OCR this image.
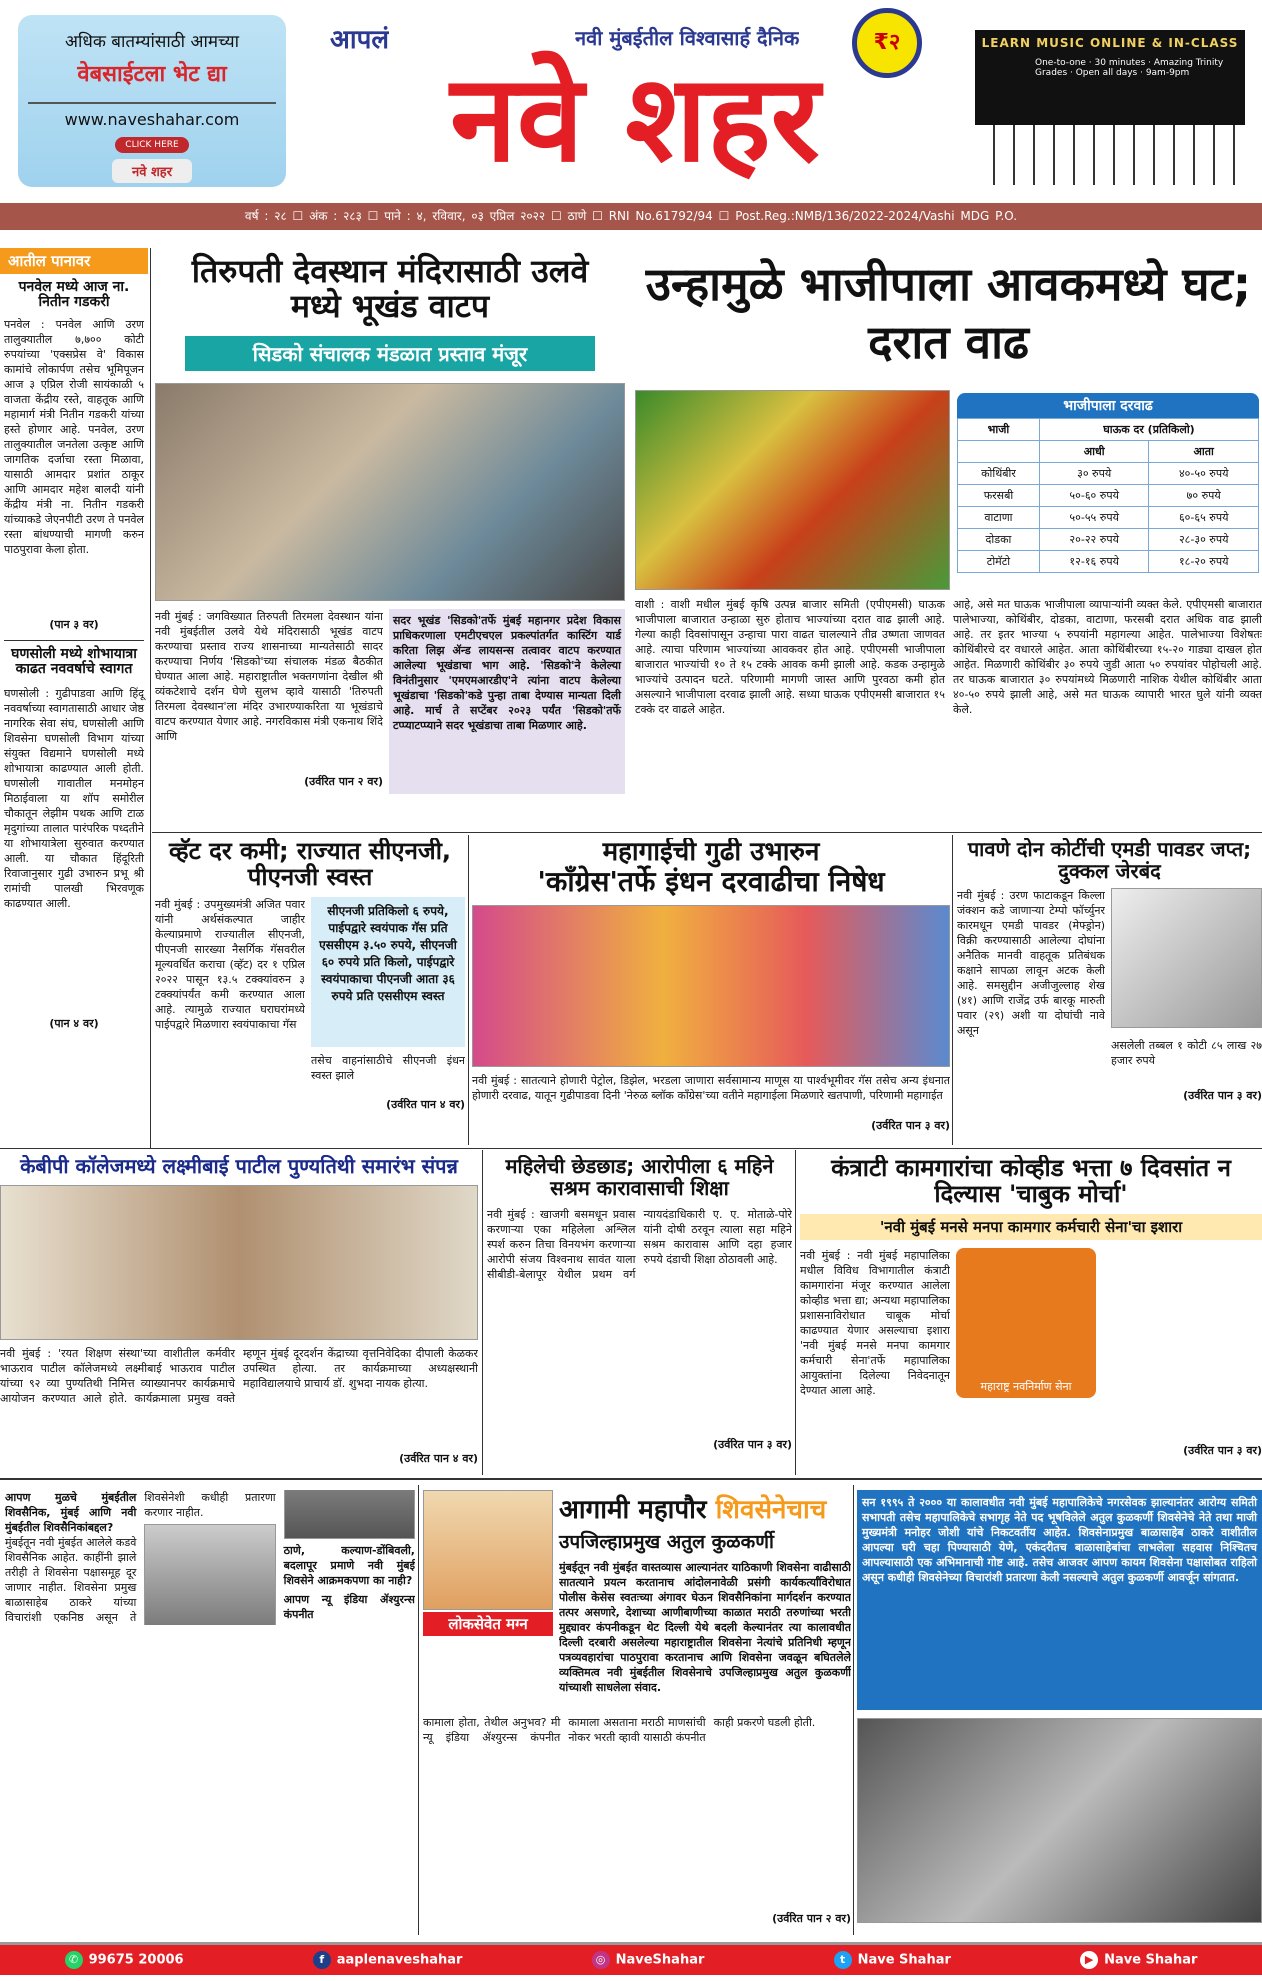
अधिक बातम्यांसाठी आमच्या
वेबसाईटला भेट द्या
www.naveshahar.com
CLICK HERE
नवे शहर
आपलं	नवी मुंबईतील विश्वासार्ह दैनिक	₹२
नवे शहर
LEARN MUSIC ONLINE & IN-CLASS
One-to-one · 30 minutes · Amazing Trinity Grades · Open all days · 9am-9pm
वर्ष : २८ ☐ अंक : २८३ ☐ पाने : ४, रविवार, ०३ एप्रिल २०२२ ☐ ठाणे ☐ RNI No.61792/94 ☐ Post.Reg.:NMB/136/2022-2024/Vashi MDG P.O.
आतील पानावर
पनवेल मध्ये आज ना. नितीन गडकरी
पनवेल : पनवेल आणि उरण तालुक्यातील ७,७०० कोटी रुपयांच्या 'एक्सप्रेस वे' विकास कामांचे लोकार्पण तसेच भूमिपूजन आज ३ एप्रिल रोजी सायंकाळी ५ वाजता केंद्रीय रस्ते, वाहतूक आणि महामार्ग मंत्री नितीन गडकरी यांच्या हस्ते होणार आहे. पनवेल, उरण तालुक्यातील जनतेला उत्कृष्ट आणि जागतिक दर्जाचा रस्ता मिळावा, यासाठी आमदार प्रशांत ठाकूर आणि आमदार महेश बालदी यांनी केंद्रीय मंत्री ना. नितीन गडकरी यांच्याकडे जेएनपीटी उरण ते पनवेल रस्ता बांधण्याची मागणी करुन पाठपुरावा केला होता.
(पान ३ वर)
घणसोली मध्ये शोभायात्रा काढत नववर्षाचे स्वागत
घणसोली : गुढीपाडवा आणि हिंदू नववर्षाच्या स्वागतासाठी आधार जेष्ठ नागरिक सेवा संघ, घणसोली आणि शिवसेना घणसोली विभाग यांच्या संयुक्त विद्यमाने घणसोली मध्ये शोभायात्रा काढण्यात आली होती. घणसोली गावातील मनमोहन मिठाईवाला या शॉप समोरील चौकातून लेझीम पथक आणि टाळ मृदुगांच्या तालात पारंपरिक पध्दतीने या शोभायात्रेला सुरुवात करण्यात आली. या चौकात हिंदूरिती रिवाजानुसार गुढी उभारुन प्रभू श्री रामांची पालखी भिरवणूक काढण्यात आली.
(पान ४ वर)
तिरुपती देवस्थान मंदिरासाठी उलवे मध्ये भूखंड वाटप
सिडको संचालक मंडळात प्रस्ताव मंजूर
नवी मुंबई : जगविख्यात तिरुपती तिरमला देवस्थान यांना नवी मुंबईतील उलवे येथे मंदिरासाठी भूखंड वाटप करण्याचा प्रस्ताव राज्य शासनाच्या मान्यतेसाठी सादर करण्याचा निर्णय 'सिडको'च्या संचालक मंडळ बैठकीत घेण्यात आला आहे. महाराष्ट्रातील भक्तगणांना देखील श्री व्यंकटेशाचे दर्शन घेणे सुलभ व्हावे यासाठी 'तिरुपती तिरमला देवस्थान'ला मंदिर उभारण्याकरिता या भूखंडाचे वाटप करण्यात येणार आहे. नगरविकास मंत्री एकनाथ शिंदे आणि
(उर्वरित पान २ वर)
सदर भूखंड 'सिडको'तर्फे मुंबई महानगर प्रदेश विकास प्राधिकरणाला एमटीएचएल प्रकल्पांतर्गत कास्टिंग यार्ड करिता लिझ ॲन्ड लायसन्स तत्वावर वाटप करण्यात आलेल्या भूखंडाचा भाग आहे. 'सिडको'ने केलेल्या विनंतीनुसार 'एमएमआरडीए'ने त्यांना वाटप केलेल्या भूखंडाचा 'सिडको'कडे पुन्हा ताबा देण्यास मान्यता दिली आहे. मार्च ते सप्टेंबर २०२३ पर्यंत 'सिडको'तर्फे टप्प्याटप्प्याने सदर भूखंडाचा ताबा मिळणार आहे.
उन्हामुळे भाजीपाला आवकमध्ये घट; दरात वाढ
भाजीपाला दरवाढ
भाजी	घाऊक दर (प्रतिकिलो)	
	आधी	आता
कोथिंबीर	३० रुपये	४०-५० रुपये
फरसबी	५०-६० रुपये	७० रुपये
वाटाणा	५०-५५ रुपये	६०-६५ रुपये
दोडका	२०-२२ रुपये	२८-३० रुपये
टोमॅटो	१२-१६ रुपये	१८-२० रुपये
वाशी : वाशी मधील मुंबई कृषि उत्पन्न बाजार समिती (एपीएमसी) घाऊक भाजीपाला बाजारात उन्हाळा सुरु होताच भाज्यांच्या दरात वाढ झाली आहे. गेल्या काही दिवसांपासून उन्हाचा पारा वाढत चालल्याने तीव्र उष्णता जाणवत आहे. त्याचा परिणाम भाज्यांच्या आवकवर होत आहे. एपीएमसी भाजीपाला बाजारात भाज्यांची १० ते १५ टक्के आवक कमी झाली आहे. कडक उन्हामुळे भाज्यांचे उत्पादन घटते. परिणामी मागणी जास्त आणि पुरवठा कमी होत असल्याने भाजीपाला दरवाढ झाली आहे. सध्या घाऊक एपीएमसी बाजारात १५ टक्के दर वाढले आहेत.
आहे, असे मत घाऊक भाजीपाला व्यापाऱ्यांनी व्यक्त केले. एपीएमसी बाजारात पालेभाज्या, कोथिंबीर, दोडका, वाटाणा, फरसबी दरात अधिक वाढ झाली आहे. तर इतर भाज्या ५ रुपयांनी महागल्या आहेत. पालेभाज्या विशेषतः कोथिंबीरचे दर वधारले आहेत. आता कोथिंबीरच्या १५-२० गाड्या दाखल होत आहेत. मिळणारी कोथिंबीर ३० रुपये जुडी आता ५० रुपयांवर पोहोचली आहे. तर घाऊक बाजारात ३० रुपयांमध्ये मिळणारी नाशिक येथील कोथिंबीर आता ४०-५० रुपये झाली आहे, असे मत घाऊक व्यापारी भारत घुले यांनी व्यक्त केले.
व्हॅट दर कमी; राज्यात सीएनजी, पीएनजी स्वस्त
नवी मुंबई : उपमुख्यमंत्री अजित पवार यांनी अर्थसंकल्पात जाहीर केल्याप्रमाणे राज्यातील सीएनजी, पीएनजी सारख्या नैसर्गिक गॅसवरील मूल्यवर्धित कराचा (व्हॅट) दर १ एप्रिल २०२२ पासून १३.५ टक्क्यांवरुन ३ टक्क्यांपर्यंत कमी करण्यात आला आहे. त्यामुळे राज्यात घराघरांमध्ये पाईपद्वारे मिळणारा स्वयंपाकाचा गॅस
सीएनजी प्रतिकिलो ६ रुपये, पाईपद्वारे स्वयंपाक गॅस प्रति एससीएम ३.५० रुपये, सीएनजी ६० रुपये प्रति किलो, पाईपद्वारे स्वयंपाकाचा पीएनजी आता ३६ रुपये प्रति एससीएम स्वस्त
तसेच वाहनांसाठीचे सीएनजी इंधन स्वस्त झाले
(उर्वरित पान ४ वर)
महागाईची गुढी उभारुन
'काँग्रेस'तर्फे इंधन दरवाढीचा निषेध
नवी मुंबई : सातत्याने होणारी पेट्रोल, डिझेल, भरडला जाणारा सर्वसामान्य माणूस या पार्श्वभूमीवर गॅस तसेच अन्य इंधनात होणारी दरवाढ, यातून गुढीपाडवा दिनी 'नेरुळ ब्लॉक कॉंग्रेस'च्या वतीने महागाईला मिळणारे खतपाणी, परिणामी महागाईत
(उर्वरित पान ३ वर)
पावणे दोन कोटींची एमडी पावडर जप्त; दुक्कल जेरबंद
नवी मुंबई : उरण फाटाकडून किल्ला जंक्शन कडे जाणाऱ्या टेम्पो फॉर्च्युनर कारमधून एमडी पावडर (मेफ्ड्रोन) विक्री करण्यासाठी आलेल्या दोघांना अनैतिक मानवी वाहतूक प्रतिबंधक कक्षाने सापळा लावून अटक केली आहे. समसुद्दीन अजीजुल्लाह शेख (४१) आणि राजेंद्र उर्फ बारकू मारुती पवार (२९) अशी या दोघांची नावे असून
असलेली तब्बल १ कोटी ८५ लाख २७ हजार रुपये
(उर्वरित पान ३ वर)
केबीपी कॉलेजमध्ये लक्ष्मीबाई पाटील पुण्यतिथी समारंभ संपन्न
नवी मुंबई : 'रयत शिक्षण संस्था'च्या वाशीतील कर्मवीर भाऊराव पाटील कॉलेजमध्ये लक्ष्मीबाई भाऊराव पाटील यांच्या ९२ व्या पुण्यतिथी निमित्त व्याख्यानपर कार्यक्रमाचे आयोजन करण्यात आले होते. कार्यक्रमाला प्रमुख वक्ते म्हणून मुंबई दूरदर्शन केंद्राच्या वृत्तनिवेदिका दीपाली केळकर उपस्थित होत्या. तर कार्यक्रमाच्या अध्यक्षस्थानी महाविद्यालयाचे प्राचार्य डॉ. शुभदा नायक होत्या.
(उर्वरित पान ४ वर)
महिलेची छेडछाड; आरोपीला ६ महिने सश्रम कारावासाची शिक्षा
नवी मुंबई : खाजगी बसमधून प्रवास करणाऱ्या एका महिलेला अश्लिल स्पर्श करुन तिचा विनयभंग करणाऱ्या आरोपी संजय विश्वनाथ सावंत याला सीबीडी-बेलापूर येथील प्रथम वर्ग न्यायदंडाधिकारी ए. ए. मोताळे-पोरे यांनी दोषी ठरवून त्याला सहा महिने सश्रम कारावास आणि दहा हजार रुपये दंडाची शिक्षा ठोठावली आहे.
(उर्वरित पान ३ वर)
कंत्राटी कामगारांचा कोव्हीड भत्ता ७ दिवसांत न दिल्यास 'चाबुक मोर्चा'
'नवी मुंबई मनसे मनपा कामगार कर्मचारी सेना'चा इशारा
नवी मुंबई : नवी मुंबई महापालिका मधील विविध विभागातील कंत्राटी कामगारांना मंजूर करण्यात आलेला कोव्हीड भत्ता द्या; अन्यथा महापालिका प्रशासनाविरोधात चाबूक मोर्चा काढण्यात येणार असल्याचा इशारा 'नवी मुंबई मनसे मनपा कामगार कर्मचारी सेना'तर्फे महापालिका आयुक्तांना दिलेल्या निवेदनातून देण्यात आला आहे.	महाराष्ट्र नवनिर्माण सेना
(उर्वरित पान ३ वर)
आपण मुळचे मुंबईतील शिवसैनिक, मुंबई आणि नवी मुंबईतील शिवसैनिकांबद्दल?
मुंबईतून नवी मुंबईत आलेले कडवे शिवसैनिक आहेत. काहींनी झाले तरीही ते शिवसेना पक्षासमूह दूर जाणार नाहीत. शिवसेना प्रमुख बाळासाहेब ठाकरे यांच्या विचारांशी एकनिष्ठ असून ते शिवसेनेशी कधीही प्रतारणा करणार नाहीत.
ठाणे, कल्याण-डोंबिवली, बदलापूर प्रमाणे नवी मुंबई शिवसेने आक्रमकपणा का नाही?
आपण न्यू इंडिया ॲश्युरन्स कंपनीत
लोकसेवेत मग्न
आगामी महापौर शिवसेनेचाच
उपजिल्हाप्रमुख अतुल कुळकर्णी
मुंबईतून नवी मुंबईत वास्तव्यास आल्यानंतर याठिकाणी शिवसेना वाढीसाठी सातत्याने प्रयत्न करतानाच आंदोलनावेळी प्रसंगी कार्यकर्त्यांविरोधात पोलीस केसेस स्वतःच्या अंगावर घेऊन शिवसैनिकांना मार्गदर्शन करण्यात तत्पर असणारे, देशाच्या आणीबाणीच्या काळात मराठी तरुणांच्या भरती मुद्द्यावर कंपनीकडून थेट दिल्ली येथे बदली केल्यानंतर त्या कालावधीत दिल्ली दरबारी असलेल्या महाराष्ट्रातील शिवसेना नेत्यांचे प्रतिनिधी म्हणून पत्रव्यवहारांचा पाठपुरावा करतानाच आणि शिवसेना जवळून बघितलेले व्यक्तिमत्व नवी मुंबईतील शिवसेनाचे उपजिल्हाप्रमुख अतुल कुळकर्णी यांच्याशी साधलेला संवाद.
कामाला होता, तेथील अनुभव? मी न्यू इंडिया ॲश्युरन्स कंपनीत कामाला असताना मराठी माणसांची नोकर भरती व्हावी यासाठी कंपनीत काही प्रकरणे घडली होती.
(उर्वरित पान २ वर)
सन १९९५ ते २००० या कालावधीत नवी मुंबई महापालिकेचे नगरसेवक झाल्यानंतर आरोग्य समिती सभापती तसेच महापालिकेचे सभागृह नेते पद भूषविलेले अतुल कुळकर्णी शिवसेनेचे नेते तथा माजी मुख्यमंत्री मनोहर जोशी यांचे निकटवर्तीय आहेत. शिवसेनाप्रमुख बाळासाहेब ठाकरे वाशीतील आपल्या घरी चहा पिण्यासाठी येणे, एकंदरीतच बाळासाहेबांचा लाभलेला सहवास निश्चितच आपल्यासाठी एक अभिमानाची गोष्ट आहे. तसेच आजवर आपण कायम शिवसेना पक्षासोबत राहिलो असून कधीही शिवसेनेच्या विचारांशी प्रतारणा केली नसल्याचे अतुल कुळकर्णी आवर्जून सांगतात.
✆ 99675 20006	f aaplenaveshahar	◎ NaveShahar	t Nave Shahar	▶ Nave Shahar
